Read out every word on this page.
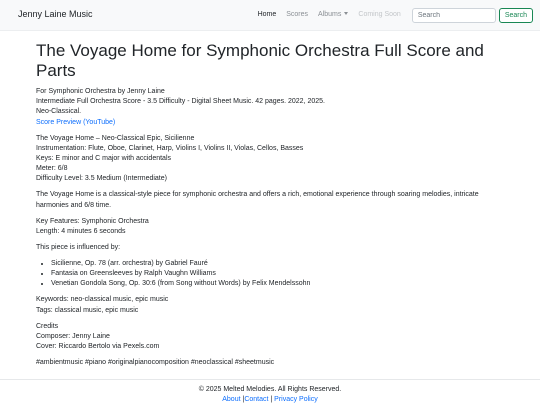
Jenny Laine Music	Home	Scores	Albums	Coming Soon
Search	Search
The Voyage Home for Symphonic Orchestra Full Score and Parts

For Symphonic Orchestra by Jenny Laine
Intermediate Full Orchestra Score - 3.5 Difficulty - Digital Sheet Music. 42 pages. 2022, 2025.
Neo-Classical.
Score Preview (YouTube)

The Voyage Home – Neo-Classical Epic, Sicilienne
Instrumentation: Flute, Oboe, Clarinet, Harp, Violins I, Violins II, Violas, Cellos, Basses
Keys: E minor and C major with accidentals
Meter: 6/8
Difficulty Level: 3.5 Medium (Intermediate)

The Voyage Home is a classical-style piece for symphonic orchestra and offers a rich, emotional experience through soaring melodies, intricate harmonies and 6/8 time.

Key Features: Symphonic Orchestra
Length: 4 minutes 6 seconds

This piece is influenced by:

• Sicilienne, Op. 78 (arr. orchestra) by Gabriel Fauré
• Fantasia on Greensleeves by Ralph Vaughn Williams
• Venetian Gondola Song, Op. 30:6 (from Song without Words) by Felix Mendelssohn

Keywords: neo-classical music, epic music
Tags: classical music, epic music

Credits
Composer: Jenny Laine
Cover: Riccardo Bertolo via Pexels.com

#ambientmusic #piano #originalpianocomposition #neoclassical #sheetmusic

© 2025 Melted Melodies. All Rights Reserved.
About |Contact | Privacy Policy
